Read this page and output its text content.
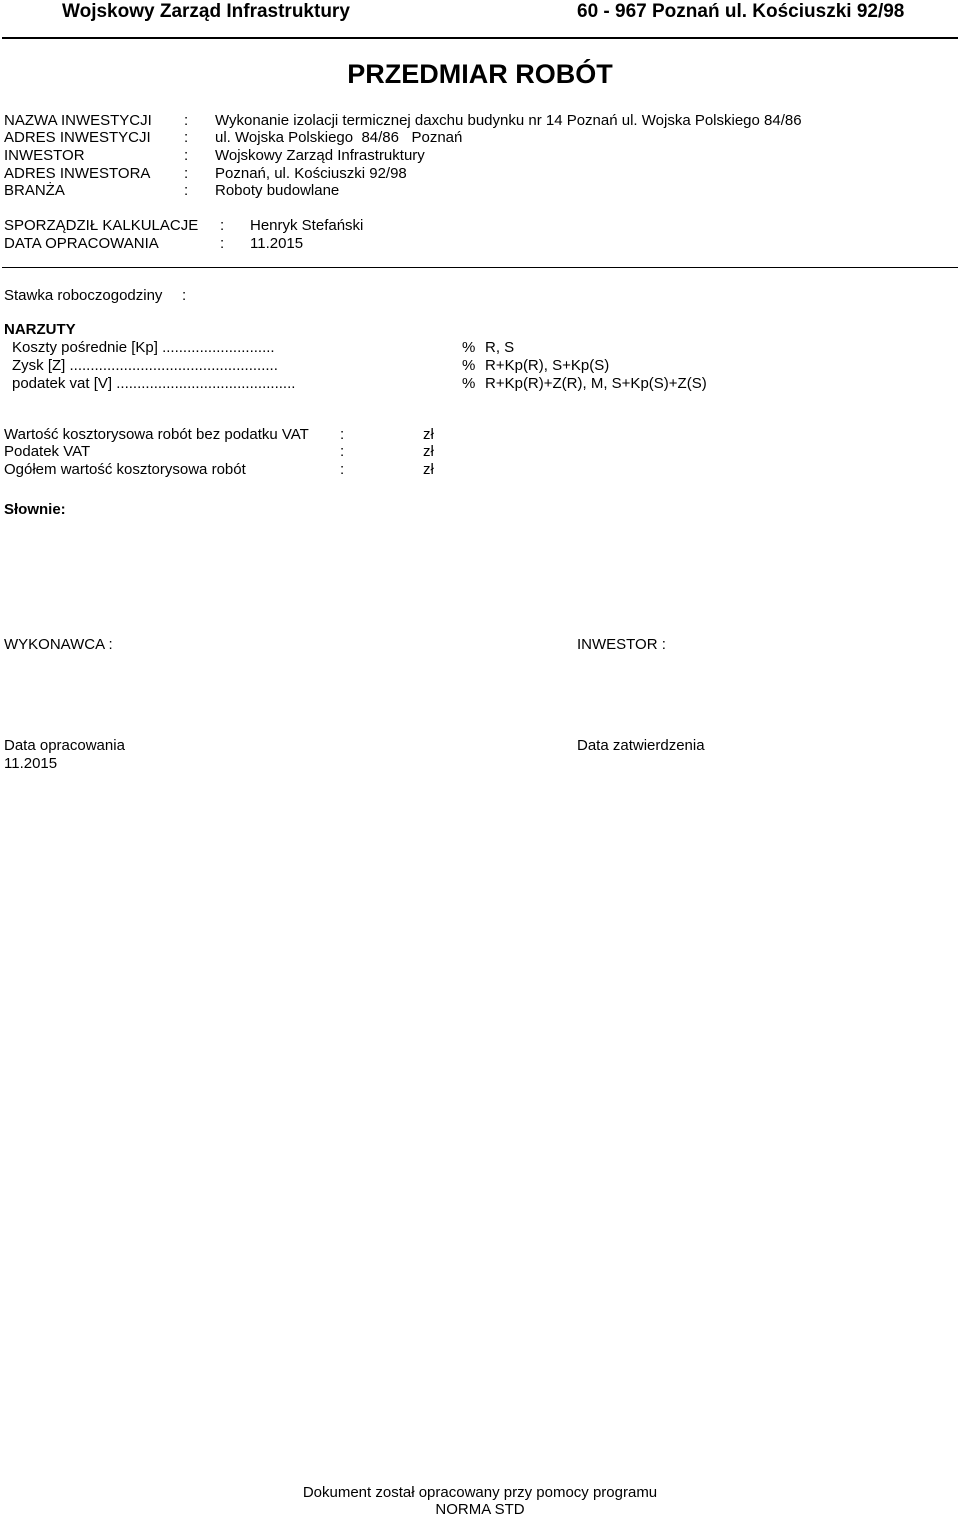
Wojskowy Zarząd Infrastruktury	60 - 967 Poznań ul. Kościuszki 92/98
PRZEDMIAR ROBÓT
NAZWA INWESTYCJI : Wykonanie izolacji termicznej daxchu budynku nr 14 Poznań ul. Wojska Polskiego 84/86
ADRES INWESTYCJI : ul. Wojska Polskiego  84/86   Poznań
INWESTOR	: Wojskowy Zarząd Infrastruktury
ADRES INWESTORA : Poznań, ul. Kościuszki 92/98
BRANŻA	: Roboty budowlane
SPORZĄDZIŁ KALKULACJE : Henryk Stefański
DATA OPRACOWANIA	: 11.2015
Stawka roboczogodziny :
NARZUTY
Koszty pośrednie [Kp] ...........................	% R, S
Zysk [Z] ..................................................	% R+Kp(R), S+Kp(S)
podatek vat [V] ...........................................	% R+Kp(R)+Z(R), M, S+Kp(S)+Z(S)
Wartość kosztorysowa robót bez podatku VAT :	zł
Podatek VAT	:	zł
Ogółem wartość kosztorysowa robót	:	zł
Słownie:
WYKONAWCA :	INWESTOR :
Data opracowania
11.2015
Data zatwierdzenia
Dokument został opracowany przy pomocy programu
NORMA STD
